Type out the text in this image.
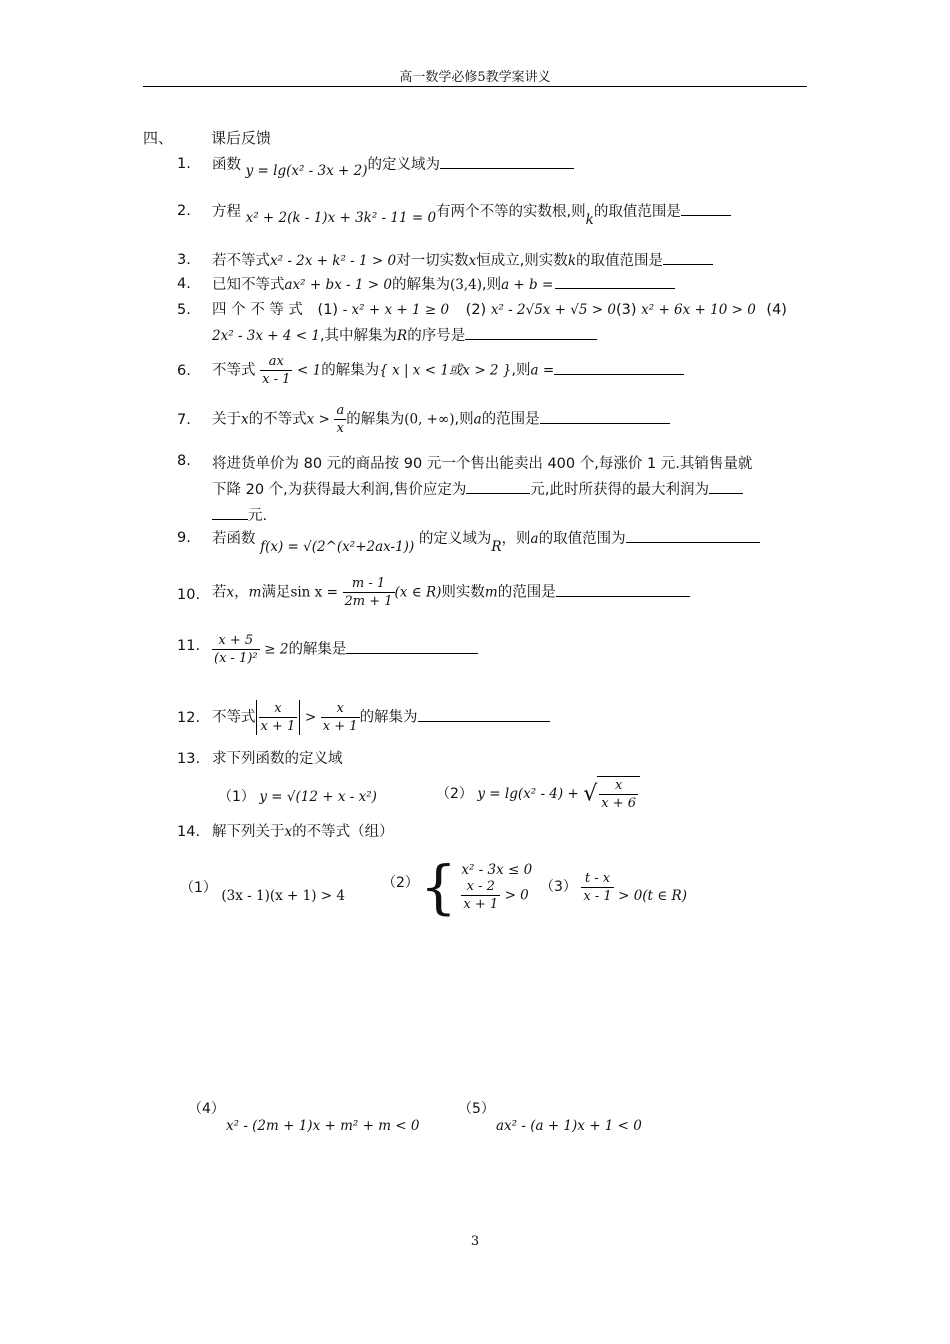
高一数学必修5教学案讲义
四、	课后反馈
1.	函数 y = lg(x² - 3x + 2)的定义域为
2.	方程 x² + 2(k - 1)x + 3k² - 11 = 0有两个不等的实数根,则k的取值范围是
3.	若不等式x² - 2x + k² - 1 > 0对一切实数x恒成立,则实数k的取值范围是
4.	已知不等式ax² + bx - 1 > 0的解集为(3,4),则a + b =
5.	四 个 不 等 式 (1) - x² + x + 1 ≥ 0 (2) x² - 2√5x + √5 > 0(3) x² + 6x + 10 > 0 (4)
2x² - 3x + 4 < 1,其中解集为R的序号是
6.	不等式 $\frac{ax}{x - 1} < 1$的解集为{ x | x < 1或x > 2 },则a =
7.	关于x的不等式$x > \frac{a}{x}$ 的解集为(0, +∞),则a的范围是
8.	将进货单价为 80 元的商品按 90 元一个售出能卖出 400 个,每涨价 1 元.其销售量就
下降 20 个,为获得最大利润,售价应定为	元,此时所获得的最大利润为
元.
9.	若函数 f(x) = √(2^(x²+2ax-1)) 的定义域为R，则a的取值范围为
10. 若x，m满足$\sin x = \frac{m - 1}{2m + 1} (x$ ∈ R)则实数m的范围是
11. $\frac{x + 5}{\text{(x - 1)²}} \ge 2$的解集是
12. 不等式 $\frac{x}{x + 1} > \frac{x}{x + 1}$ 的解集为
13. 求下列函数的定义域
（1） y = √(12 + x - x²)	（2） y = lg(x² - 4) + √ $\frac{x}{x + 6}$
14. 解下列关于x的不等式（组）
（1） (3x - 1)(x + 1) > 4
（2） { x² - 3x ≤ 0
$\frac{x - 2}{x + 1} > 0$ $(3) \frac{t - x}{x - 1} > 0(t$ ∈ R)
（4）
x² - (2m + 1)x + m² + m < 0
（5）
ax² - (a + 1)x + 1 < 0
3
